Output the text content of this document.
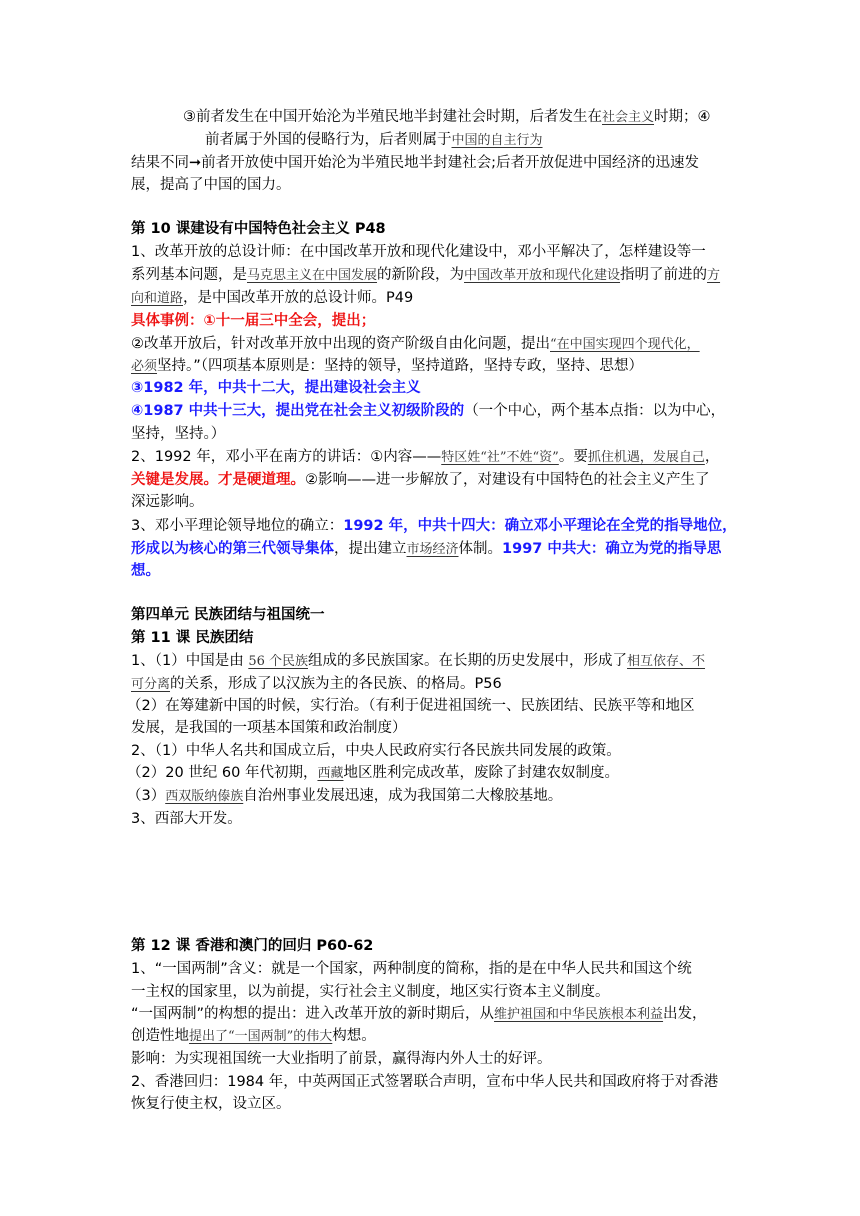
③前者发生在中国开始沦为半殖民地半封建社会时期，后者发生在社会主义时期；④
前者属于外国的侵略行为，后者则属于中国的自主行为
结果不同➞前者开放使中国开始沦为半殖民地半封建社会;后者开放促进中国经济的迅速发
展，提高了中国的国力。
第 10 课建设有中国特色社会主义 P48
1、改革开放的总设计师：在中国改革开放和现代化建设中，邓小平解决了，怎样建设等一
系列基本问题，是马克思主义在中国发展的新阶段，为中国改革开放和现代化建设指明了前进的方
向和道路，是中国改革开放的总设计师。P49
具体事例：①十一届三中全会，提出；
②改革开放后，针对改革开放中出现的资产阶级自由化问题，提出“在中国实现四个现代化，
必须坚持。”（四项基本原则是：坚持的领导，坚持道路，坚持专政，坚持、思想）
③1982 年，中共十二大，提出建设社会主义
④1987 中共十三大，提出党在社会主义初级阶段的（一个中心，两个基本点指：以为中心，
坚持，坚持。）
2、1992 年，邓小平在南方的讲话：①内容——特区姓“社”不姓“资”。要抓住机遇，发展自己，
关键是发展。才是硬道理。②影响——进一步解放了，对建设有中国特色的社会主义产生了
深远影响。
3、邓小平理论领导地位的确立：1992 年，中共十四大：确立邓小平理论在全党的指导地位，
形成以为核心的第三代领导集体，提出建立市场经济体制。1997 中共大：确立为党的指导思
想。
第四单元 民族团结与祖国统一
第 11 课 民族团结
1、（1）中国是由 56 个民族组成的多民族国家。在长期的历史发展中，形成了相互依存、不
可分离的关系，形成了以汉族为主的各民族、的格局。P56
（2）在筹建新中国的时候，实行治。（有利于促进祖国统一、民族团结、民族平等和地区
发展，是我国的一项基本国策和政治制度）
2、（1）中华人名共和国成立后，中央人民政府实行各民族共同发展的政策。
（2）20 世纪 60 年代初期，西藏地区胜利完成改革，废除了封建农奴制度。
（3）西双版纳傣族自治州事业发展迅速，成为我国第二大橡胶基地。
3、西部大开发。
第 12 课 香港和澳门的回归 P60-62
1、“一国两制”含义：就是一个国家，两种制度的简称，指的是在中华人民共和国这个统
一主权的国家里，以为前提，实行社会主义制度，地区实行资本主义制度。
“一国两制”的构想的提出：进入改革开放的新时期后，从维护祖国和中华民族根本利益出发，
创造性地提出了“一国两制”的伟大构想。
影响：为实现祖国统一大业指明了前景，赢得海内外人士的好评。
2、香港回归：1984 年，中英两国正式签署联合声明，宣布中华人民共和国政府将于对香港
恢复行使主权，设立区。
